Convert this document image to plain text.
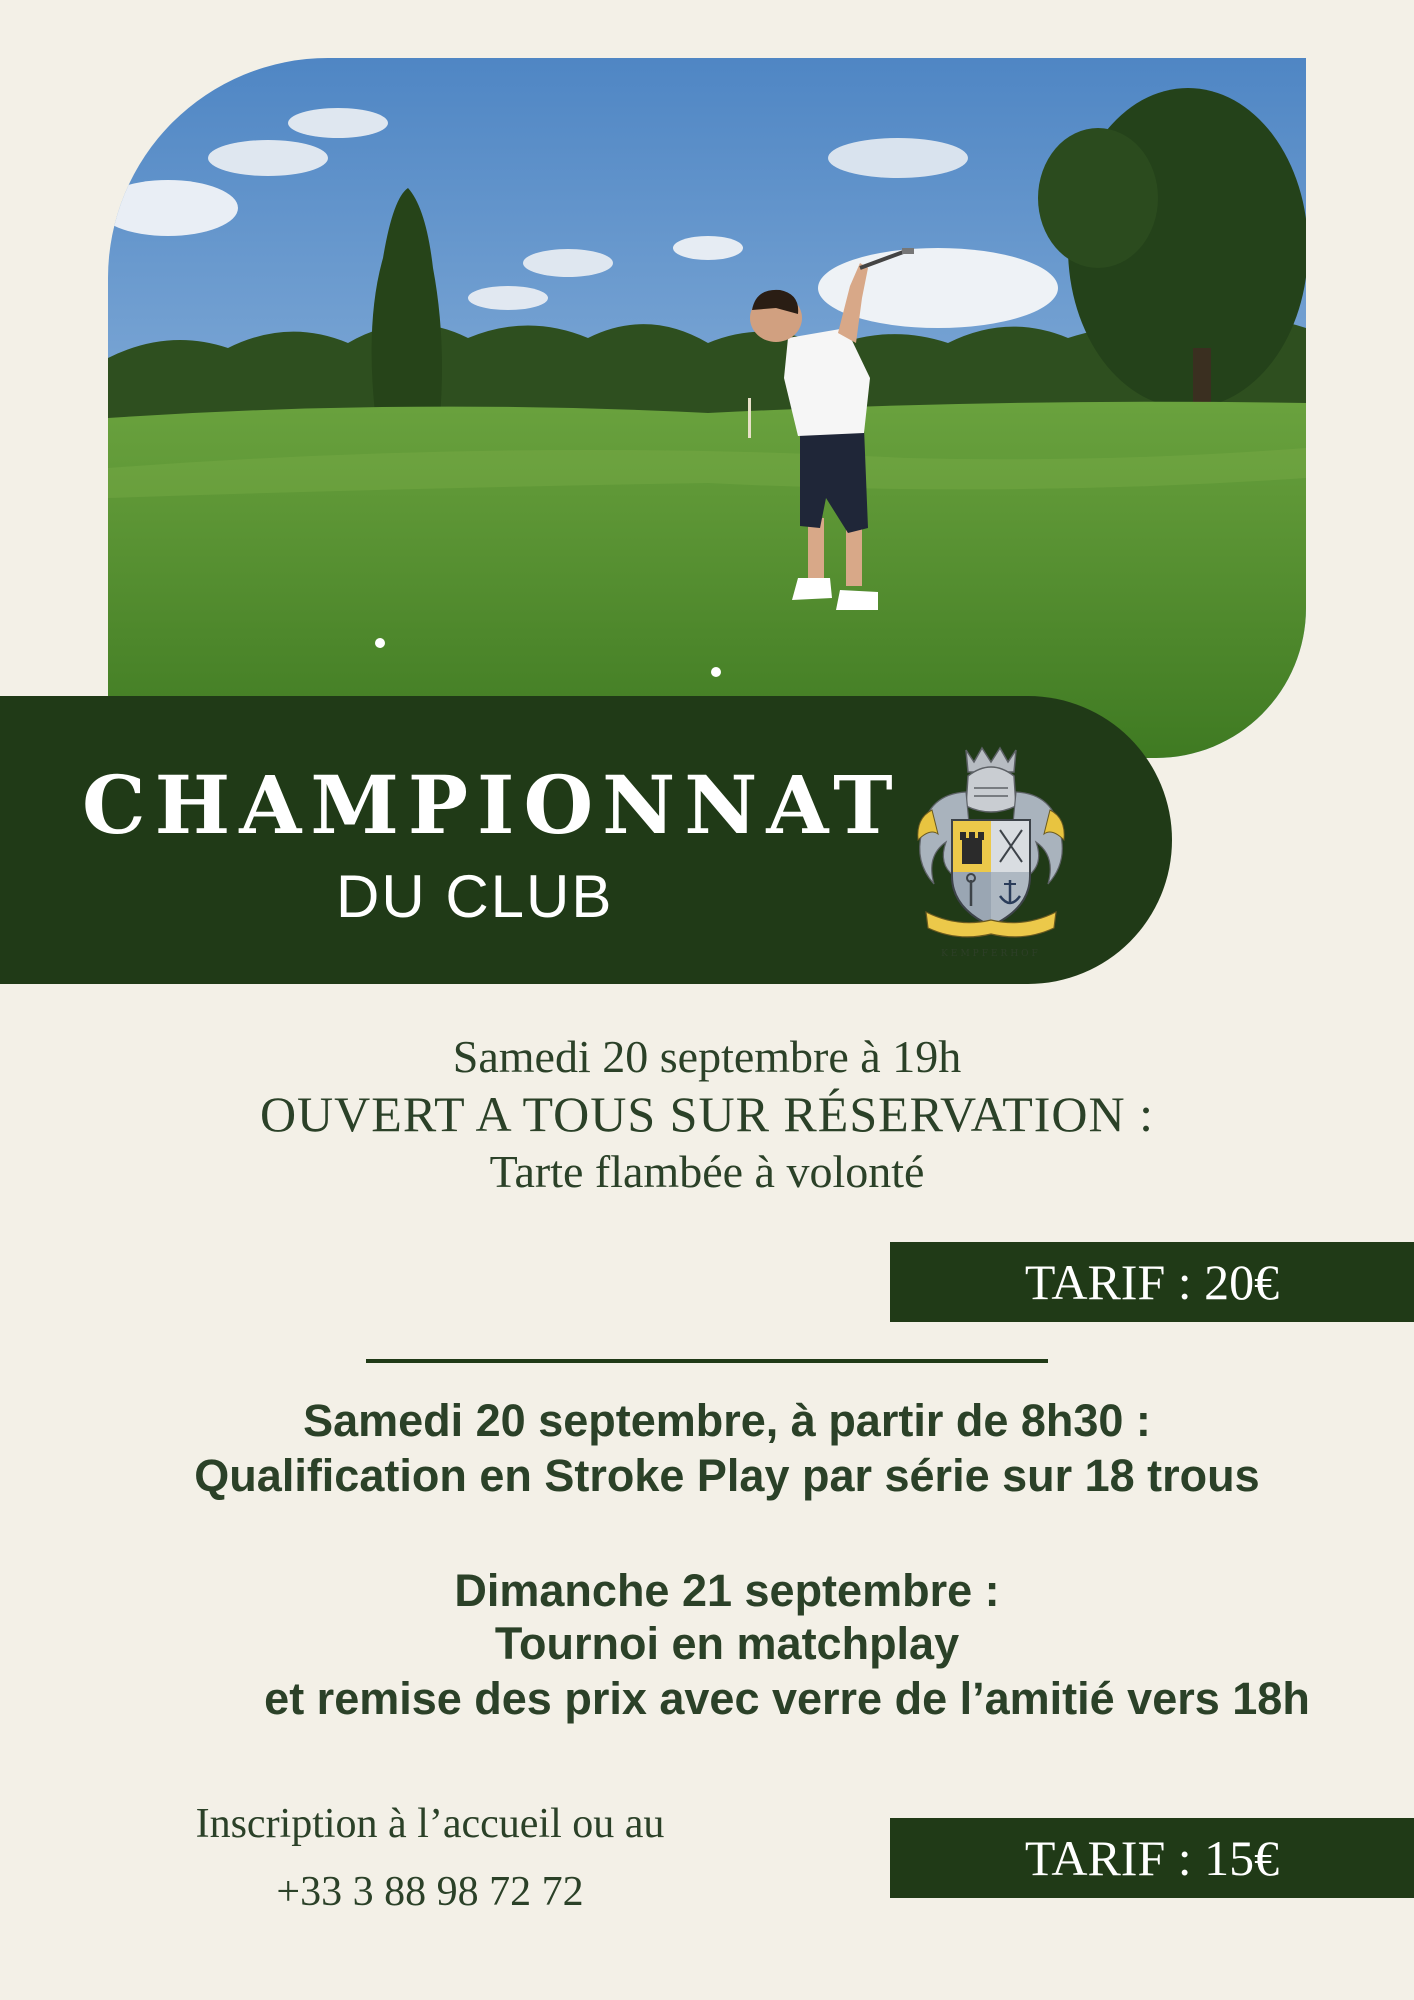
CHAMPIONNAT
DU CLUB
KEMPFERHOF
Samedi 20 septembre à 19h
OUVERT A TOUS SUR RÉSERVATION :
Tarte flambée à volonté
TARIF : 20€
Samedi 20 septembre, à partir de 8h30 :
Qualification en Stroke Play par série sur 18 trous
Dimanche 21 septembre :
Tournoi en matchplay
et remise des prix avec verre de l’amitié vers 18h
Inscription à l’accueil ou au
+33 3 88 98 72 72
TARIF : 15€
